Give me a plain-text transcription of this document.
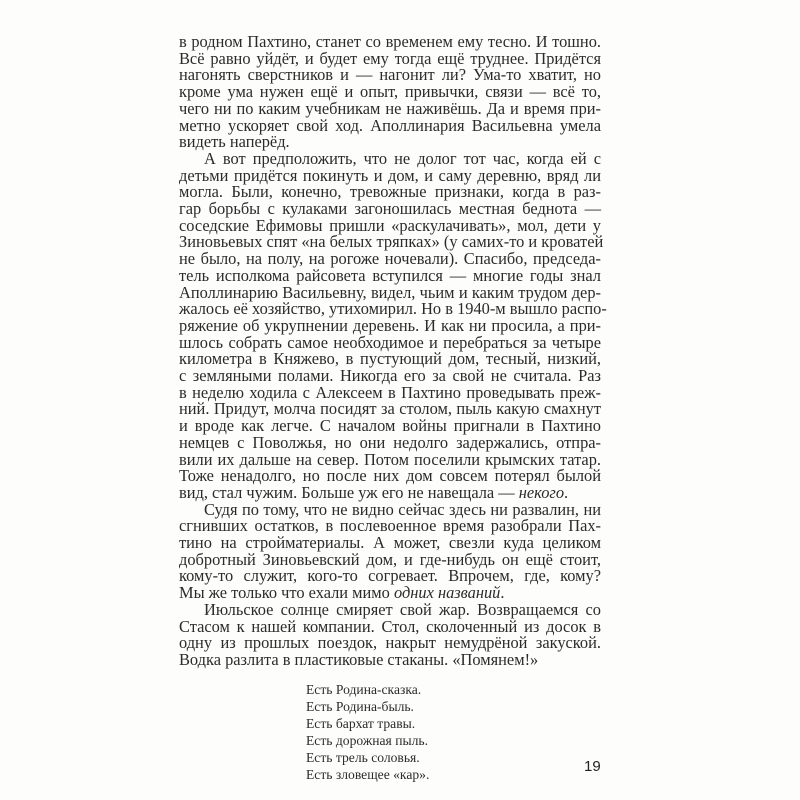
в родном Пахтино, станет со временем ему тесно. И тошно.
Всё равно уйдёт, и будет ему тогда ещё труднее. Придётся
нагонять сверстников и — нагонит ли? Ума-то хватит, но
кроме ума нужен ещё и опыт, привычки, связи — всё то,
чего ни по каким учебникам не наживёшь. Да и время при-
метно ускоряет свой ход. Аполлинария Васильевна умела
видеть наперёд.
А вот предположить, что не долог тот час, когда ей с
детьми придётся покинуть и дом, и саму деревню, вряд ли
могла. Были, конечно, тревожные признаки, когда в раз-
гар борьбы с кулаками загоношилась местная беднота —
соседские Ефимовы пришли «раскулачивать», мол, дети у
Зиновьевых спят «на белых тряпках» (у самих-то и кроватей
не было, на полу, на рогоже ночевали). Спасибо, председа-
тель исполкома райсовета вступился — многие годы знал
Аполлинарию Васильевну, видел, чьим и каким трудом дер-
жалось её хозяйство, утихомирил. Но в 1940-м вышло распо-
ряжение об укрупнении деревень. И как ни просила, а при-
шлось собрать самое необходимое и перебраться за четыре
километра в Княжево, в пустующий дом, тесный, низкий,
с земляными полами. Никогда его за свой не считала. Раз
в неделю ходила с Алексеем в Пахтино проведывать преж-
ний. Придут, молча посидят за столом, пыль какую смахнут
и вроде как легче. С началом войны пригнали в Пахтино
немцев с Поволжья, но они недолго задержались, отпра-
вили их дальше на север. Потом поселили крымских татар.
Тоже ненадолго, но после них дом совсем потерял былой
вид, стал чужим. Больше уж его не навещала — некого.
Судя по тому, что не видно сейчас здесь ни развалин, ни
сгнивших остатков, в послевоенное время разобрали Пах-
тино на стройматериалы. А может, свезли куда целиком
добротный Зиновьевский дом, и где-нибудь он ещё стоит,
кому-то служит, кого-то согревает. Впрочем, где, кому?
Мы же только что ехали мимо одних названий.
Июльское солнце смиряет свой жар. Возвращаемся со
Стасом к нашей компании. Стол, сколоченный из досок в
одну из прошлых поездок, накрыт немудрёной закуской.
Водка разлита в пластиковые стаканы. «Помянем!»
Есть Родина-сказка.
Есть Родина-быль.
Есть бархат травы.
Есть дорожная пыль.
Есть трель соловья.
Есть зловещее «кар».	19
